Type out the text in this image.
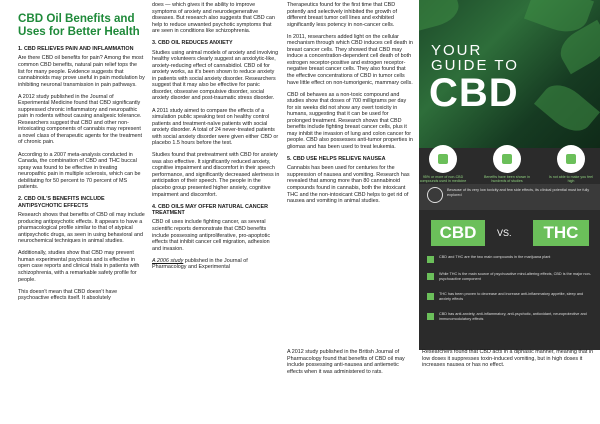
CBD Oil Benefits and
Uses for Better Health
1. CBD RELIEVES PAIN AND INFLAMMATION
Are there CBD oil benefits for pain? Among the most common CBD benefits, natural pain relief tops the list for many people. Evidence suggests that cannabinoids may prove useful in pain modulation by inhibiting neuronal transmission in pain pathways.
A 2012 study published in the Journal of Experimental Medicine found that CBD significantly suppressed chronic inflammatory and neuropathic pain in rodents without causing analgesic tolerance. Researchers suggest that CBD and other non-intoxicating components of cannabis may represent a novel class of therapeutic agents for the treatment of chronic pain.
According to a 2007 meta-analysis conducted in Canada, the combination of CBD and THC buccal spray was found to be effective in treating neuropathic pain in multiple sclerosis, which can be debilitating for 50 percent to 70 percent of MS patients.
2. CBD OIL'S BENEFITS INCLUDE ANTIPSYCHOTIC EFFECTS
Research shows that benefits of CBD oil may include producing antipsychotic effects. It appears to have a pharmacological profile similar to that of atypical antipsychotic drugs, as seen in using behavioral and neurochemical techniques in animal studies.
Additionally, studies show that CBD may prevent human experimental psychosis and is effective in open case reports and clinical trials in patients with schizophrenia, with a remarkable safety profile for people.
This doesn't mean that CBD doesn't have psychoactive effects itself. It absolutely
does — which gives it the ability to improve symptoms of anxiety and neurodegenerative diseases. But research also suggests that CBD can help to reduce unwanted psychotic symptoms that are seen in conditions like schizophrenia.
3. CBD OIL REDUCES ANXIETY
Studies using animal models of anxiety and involving healthy volunteers clearly suggest an anxiolytic-like, anxiety-reducing effect of cannabidiol. CBD oil for anxiety works, as it's been shown to reduce anxiety in patients with social anxiety disorder. Researchers suggest that it may also be effective for panic disorder, obsessive compulsive disorder, social anxiety disorder and post-traumatic stress disorder.
A 2011 study aimed to compare the effects of a simulation public speaking test on healthy control patients and treatment-naïve patients with social anxiety disorder. A total of 24 never-treated patients with social anxiety disorder were given either CBD or placebo 1.5 hours before the test.
Studies found that pretreatment with CBD for anxiety was also effective. It significantly reduced anxiety, cognitive impairment and discomfort in their speech performance, and significantly decreased alertness in anticipation of their speech. The people in the placebo group presented higher anxiety, cognitive impairment and discomfort.
4. CBD OILS MAY OFFER NATURAL CANCER TREATMENT
CBD oil uses include fighting cancer, as several scientific reports demonstrate that CBD benefits include possessing antiproliferative, pro-apoptotic effects that inhibit cancer cell migration, adhesion and invasion.
A 2006 study published in the Journal of Pharmacology and Experimental
Therapeutics found for the first time that CBD potently and selectively inhibited the growth of different breast tumor cell lines and exhibited significantly less potency in non-cancer cells.
In 2011, researchers added light on the cellular mechanism through which CBD induces cell death in breast cancer cells. They showed that CBD may induce a concentration-dependent cell death of both estrogen receptor-positive and estrogen receptor-negative breast cancer cells. They also found that the effective concentrations of CBD in tumor cells have little effect on non-tumorigenic, mammary cells.
CBD oil behaves as a non-toxic compound and studies show that doses of 700 milligrams per day for six weeks did not show any overt toxicity in humans, suggesting that it can be used for prolonged treatment. Research shows that CBD benefits include fighting breast cancer cells, plus it may inhibit the invasion of lung and colon cancer for people. CBD also possesses anti-tumor properties in gliomas and has been used to treat leukemia.
5. CBD USE HELPS RELIEVE NAUSEA
Cannabis has been used for centuries for the suppression of nausea and vomiting. Research has revealed that among more than 80 cannabinoid compounds found in cannabis, both the intoxicant THC and the non-intoxicant CBD helps to get rid of nausea and vomiting in animal studies.
YOUR
GUIDE TO
CBD
95% or more of non-CBD compounds used in medicine
Benefits have been shown in hundreds of studies
Is not able to make you feel high
Because of its very low toxicity and few side effects, its clinical potential must be fully explored
CBD	VS.	THC
CBD and THC are the two main compounds in the marijuana plant
While THC is the main source of psychoactive mind-altering effects, CBD is the major non-psychoactive component
THC has been proven to decrease and increase anti-inflammatory appetite, sleep and anxiety effects
CBD has anti-anxiety, anti-inflammatory, anti-psychotic, antioxidant, neuroprotective and immunomodulatory effects
A 2012 study published in the British Journal of Pharmacology found that benefits of CBD oil may include possessing anti-nausea and antiemetic effects when it was administered to rats.
Researchers found that CBD acts in a diphasic manner, meaning that in low doses it suppresses toxin-induced vomiting, but in high doses it increases nausea or has no effect.
